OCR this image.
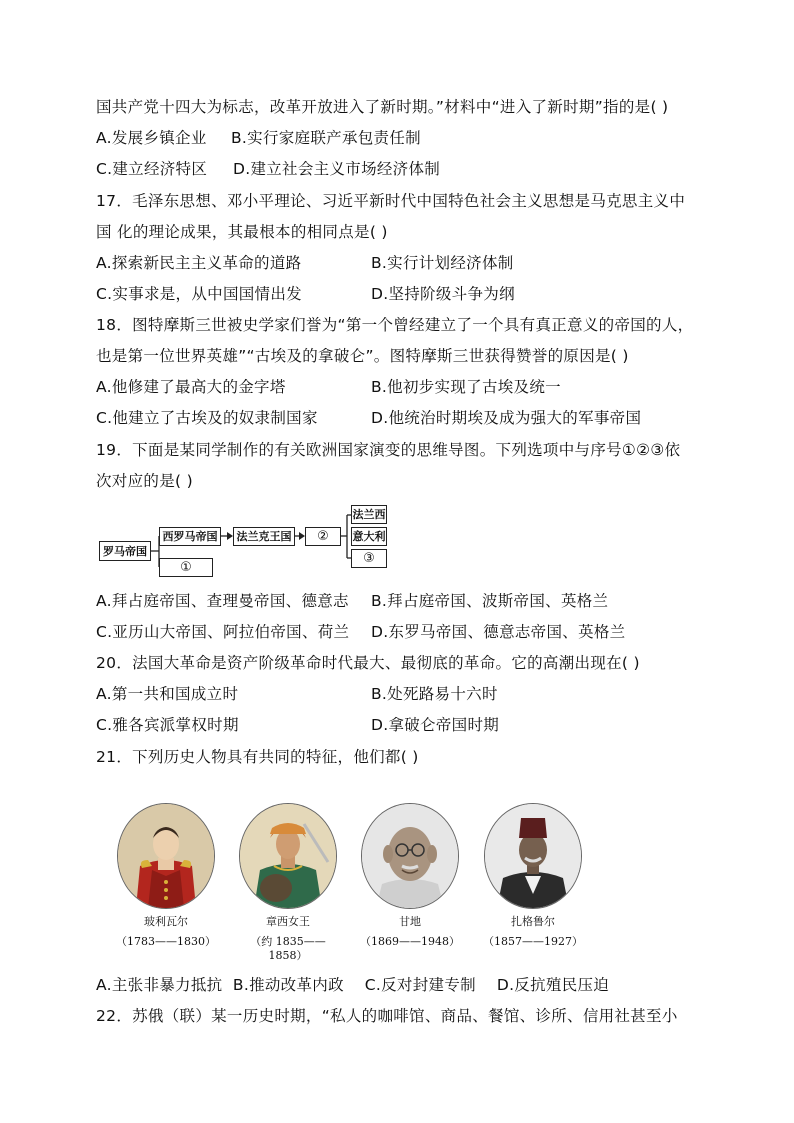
国共产党十四大为标志，改革开放进入了新时期。”材料中“进入了新时期”指的是( )
A.发展乡镇企业 B.实行家庭联产承包责任制
C.建立经济特区 D.建立社会主义市场经济体制
17．毛泽东思想、邓小平理论、习近平新时代中国特色社会主义思想是马克思主义中
国 化的理论成果，其最根本的相同点是( )
A.探索新民主主义革命的道路	B.实行计划经济体制
C.实事求是，从中国国情出发	D.坚持阶级斗争为纲
18．图特摩斯三世被史学家们誉为“第一个曾经建立了一个具有真正意义的帝国的人，
也是第一位世界英雄”“古埃及的拿破仑”。图特摩斯三世获得赞誉的原因是( )
A.他修建了最高大的金字塔	B.他初步实现了古埃及统一
C.他建立了古埃及的奴隶制国家	D.他统治时期埃及成为强大的军事帝国
19．下面是某同学制作的有关欧洲国家演变的思维导图。下列选项中与序号①②③依
次对应的是( )
罗马帝国
西罗马帝国
①
法兰克王国	②
法兰西
意大利
③
A.拜占庭帝国、查理曼帝国、德意志 B.拜占庭帝国、波斯帝国、英格兰
C.亚历山大帝国、阿拉伯帝国、荷兰 D.东罗马帝国、德意志帝国、英格兰
20．法国大革命是资产阶级革命时代最大、最彻底的革命。它的高潮出现在( )
A.第一共和国成立时	B.处死路易十六时
C.雅各宾派掌权时期	D.拿破仑帝国时期
21．下列历史人物具有共同的特征，他们都( )
玻利瓦尔
（1783——1830）
章西女王
（约 1835——1858）
甘地
（1869——1948）
扎格鲁尔
（1857——1927）
A.主张非暴力抵抗  B.推动改革内政    C.反对封建专制    D.反抗殖民压迫
22．苏俄（联）某一历史时期，“私人的咖啡馆、商品、餐馆、诊所、信用社甚至小
